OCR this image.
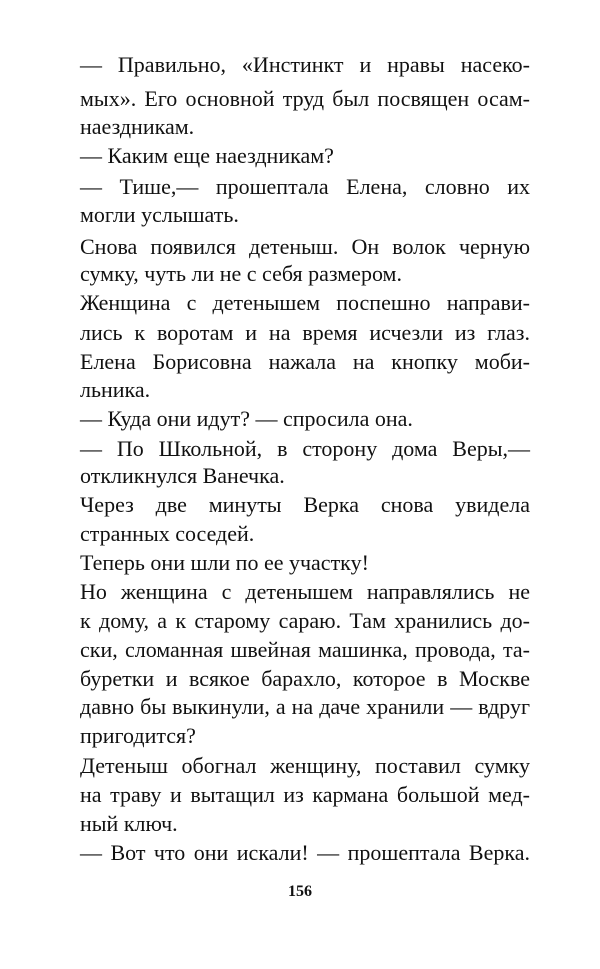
— Правильно, «Инстинкт и нравы насеко-
мых». Его основной труд был посвящен осам-
наездникам.
— Каким еще наездникам?
— Тише,— прошептала Елена, словно их
могли услышать.
Снова появился детеныш. Он волок черную
сумку, чуть ли не с себя размером.
Женщина с детенышем поспешно направи-
лись к воротам и на время исчезли из глаз.
Елена Борисовна нажала на кнопку моби-
льника.
— Куда они идут? — спросила она.
— По Школьной, в сторону дома Веры,—
откликнулся Ванечка.
Через две минуты Верка снова увидела
странных соседей.
Теперь они шли по ее участку!
Но женщина с детенышем направлялись не
к дому, а к старому сараю. Там хранились до-
ски, сломанная швейная машинка, провода, та-
буретки и всякое барахло, которое в Москве
давно бы выкинули, а на даче хранили — вдруг
пригодится?
Детеныш обогнал женщину, поставил сумку
на траву и вытащил из кармана большой мед-
ный ключ.
— Вот что они искали! — прошептала Верка.
156
